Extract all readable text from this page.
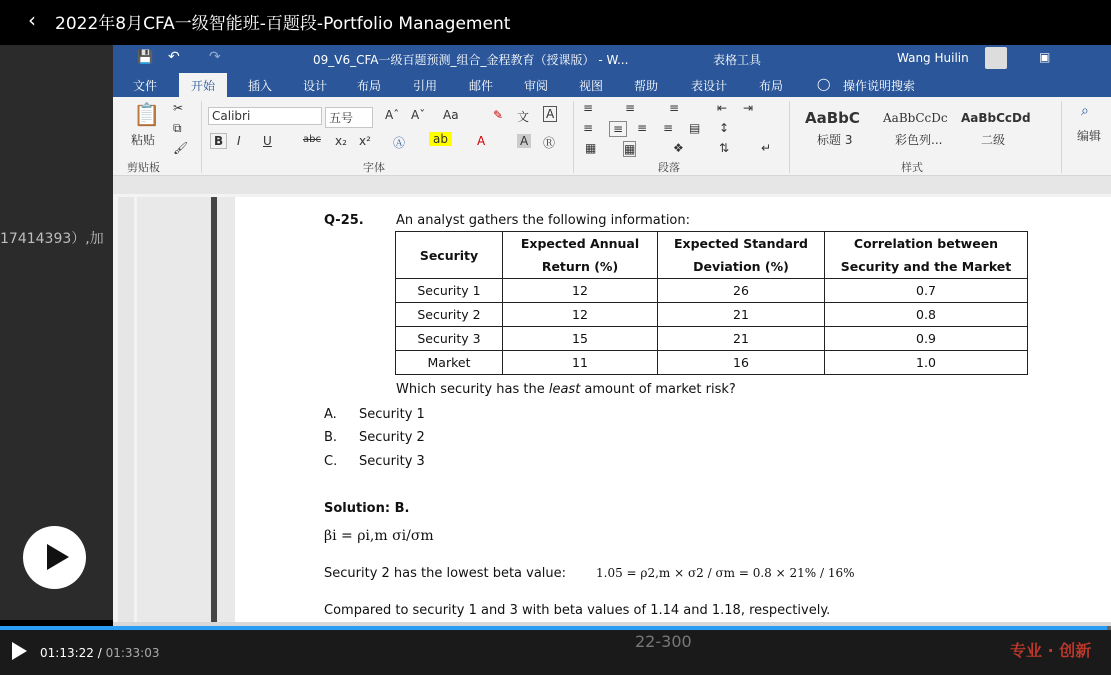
‹ 2022年8月CFA一级智能班-百题段-Portfolio Management
17414393）,加
💾 ↶ ↷	09_V6_CFA一级百题预测_组合_金程教育（授课版） - W...	表格工具	Wang Huilin	▣
文件	开始	插入	设计 布局	引用	邮件	审阅	视图	帮助	表设计	布局	◯ 操作说明搜索
📋
粘贴
✂
⧉
🖌
剪贴板
Calibri	五号	Aˆ Aˇ Aa	✎ 文 A
B	I U	abc x₂ x² Ⓐ	ab	A	A Ⓡ
字体
≡	≡	≡	⇤ ⇥
≡	≡	≡ ≡ ▤ ↕
▦ ▦	❖	⇅	↵
段落
AaBbC
标题 3
AaBbCcDc
彩色列...
AaBbCcDd
二级
样式
⌕
编辑
Q-25. An analyst gathers the following information:
Security	Expected Annual Return (%)	Expected Standard Deviation (%)	Correlation between Security and the Market
Security 1	12	26	0.7
Security 2	12	21	0.8
Security 3	15	21	0.9
Market	11	16	1.0
Which security has the least amount of market risk?
A. Security 1
B. Security 2
C. Security 3
Solution: B.
βi = ρi,m σi/σm
Security 2 has the lowest beta value: 1.05 = ρ2,m × σ2 / σm = 0.8 × 21% / 16%
Compared to security 1 and 3 with beta values of 1.14 and 1.18, respectively.
01:13:22 / 01:33:03
22-300	专业 · 创新
